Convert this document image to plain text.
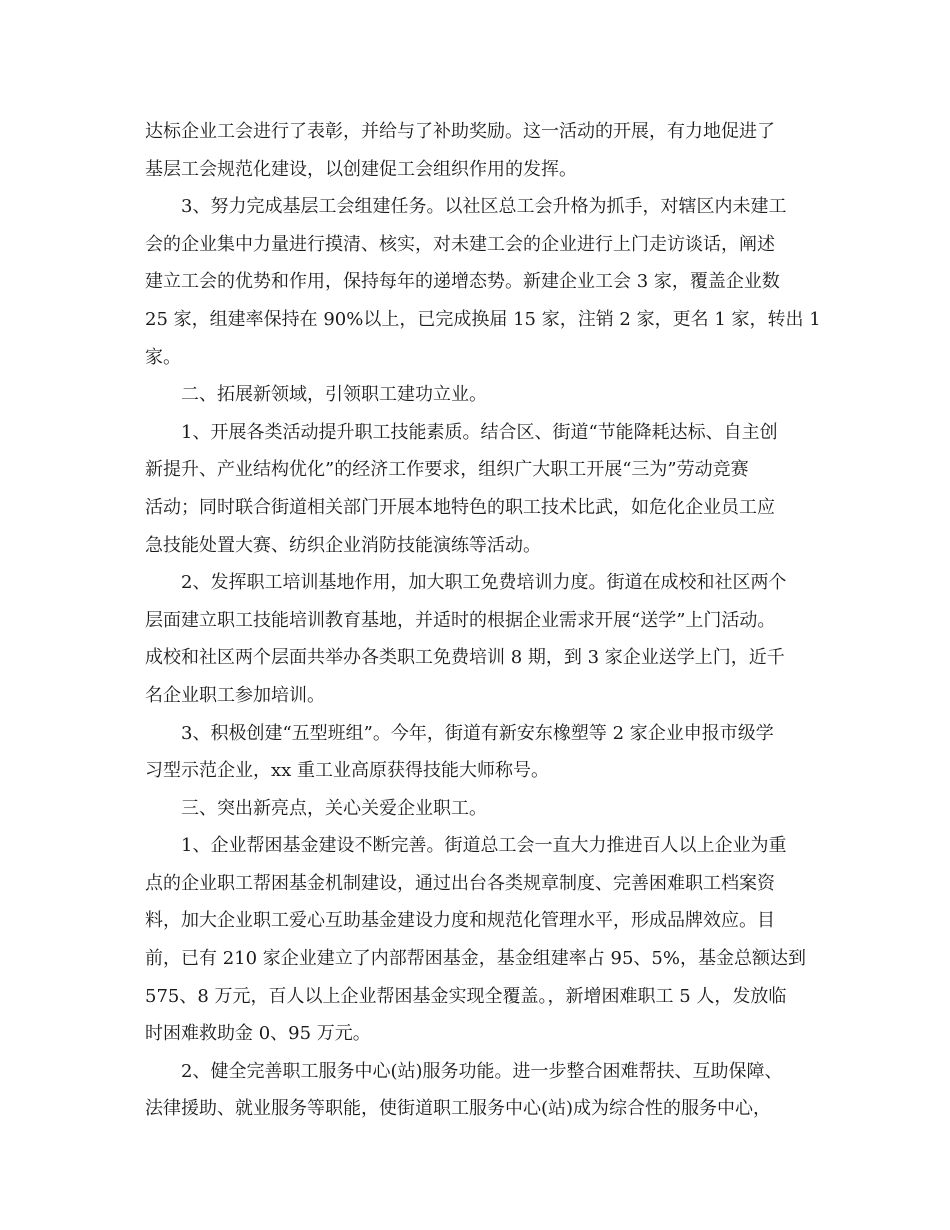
达标企业工会进行了表彰，并给与了补助奖励。这一活动的开展，有力地促进了
基层工会规范化建设，以创建促工会组织作用的发挥。
3、努力完成基层工会组建任务。以社区总工会升格为抓手，对辖区内未建工
会的企业集中力量进行摸清、核实，对未建工会的企业进行上门走访谈话，阐述
建立工会的优势和作用，保持每年的递增态势。新建企业工会 3 家，覆盖企业数
25 家，组建率保持在 90%以上，已完成换届 15 家，注销 2 家，更名 1 家，转出 1
家。
二、拓展新领域，引领职工建功立业。
1、开展各类活动提升职工技能素质。结合区、街道“节能降耗达标、自主创
新提升、产业结构优化”的经济工作要求，组织广大职工开展“三为”劳动竞赛
活动；同时联合街道相关部门开展本地特色的职工技术比武，如危化企业员工应
急技能处置大赛、纺织企业消防技能演练等活动。
2、发挥职工培训基地作用，加大职工免费培训力度。街道在成校和社区两个
层面建立职工技能培训教育基地，并适时的根据企业需求开展“送学”上门活动。
成校和社区两个层面共举办各类职工免费培训 8 期，到 3 家企业送学上门，近千
名企业职工参加培训。
3、积极创建“五型班组”。今年，街道有新安东橡塑等 2 家企业申报市级学
习型示范企业，xx 重工业高原获得技能大师称号。
三、突出新亮点，关心关爱企业职工。
1、企业帮困基金建设不断完善。街道总工会一直大力推进百人以上企业为重
点的企业职工帮困基金机制建设，通过出台各类规章制度、完善困难职工档案资
料，加大企业职工爱心互助基金建设力度和规范化管理水平，形成品牌效应。目
前，已有 210 家企业建立了内部帮困基金，基金组建率占 95、5%，基金总额达到
575、8 万元，百人以上企业帮困基金实现全覆盖。，新增困难职工 5 人，发放临
时困难救助金 0、95 万元。
2、健全完善职工服务中心(站)服务功能。进一步整合困难帮扶、互助保障、
法律援助、就业服务等职能，使街道职工服务中心(站)成为综合性的服务中心，
